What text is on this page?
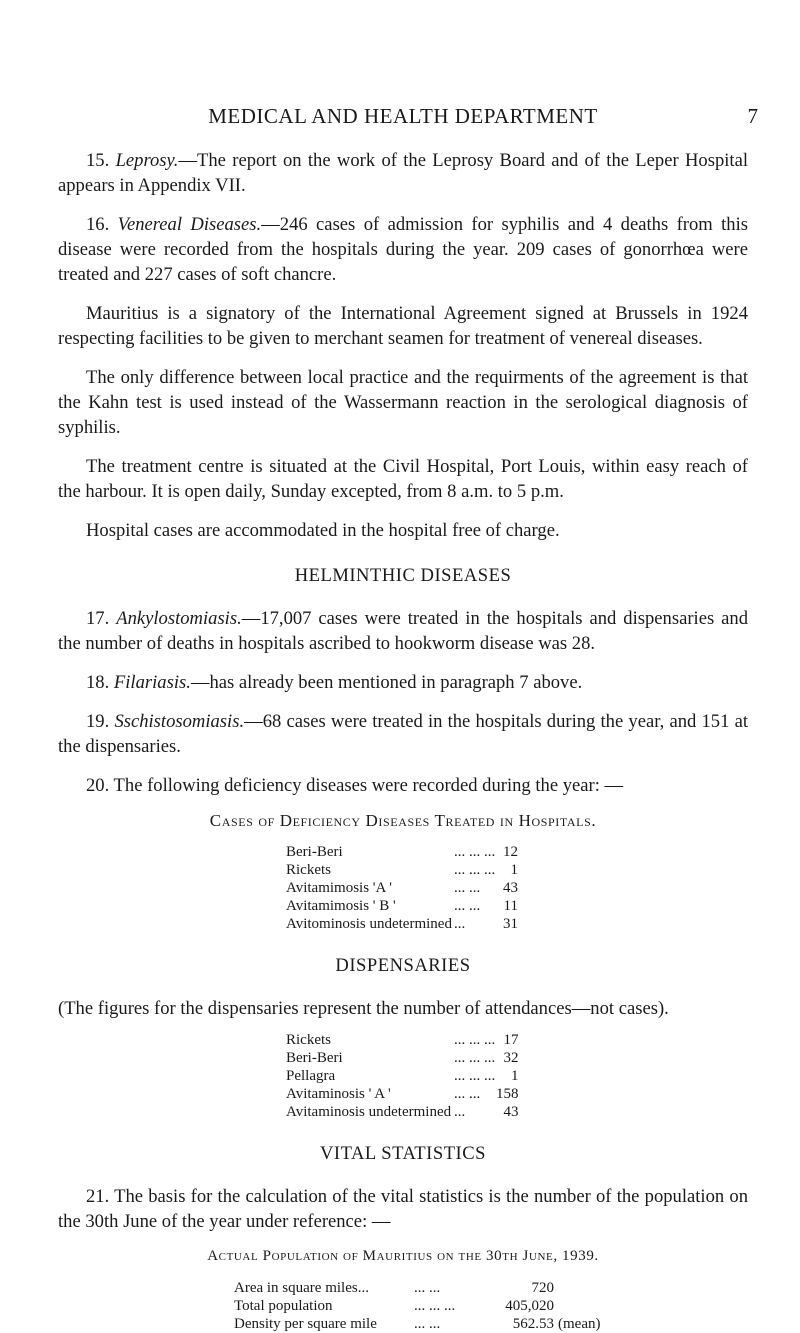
MEDICAL AND HEALTH DEPARTMENT	7

15. Leprosy.—The report on the work of the Leprosy Board and of the Leper Hospital appears in Appendix VII.

16. Venereal Diseases.—246 cases of admission for syphilis and 4 deaths from this disease were recorded from the hospitals during the year. 209 cases of gonorrhœa were treated and 227 cases of soft chancre.

Mauritius is a signatory of the International Agreement signed at Brussels in 1924 respecting facilities to be given to merchant seamen for treatment of venereal diseases.

The only difference between local practice and the requirments of the agreement is that the Kahn test is used instead of the Wassermann reaction in the serological diagnosis of syphilis.

The treatment centre is situated at the Civil Hospital, Port Louis, within easy reach of the harbour. It is open daily, Sunday excepted, from 8 a.m. to 5 p.m.

Hospital cases are accommodated in the hospital free of charge.

HELMINTHIC DISEASES

17. Ankylostomiasis.—17,007 cases were treated in the hospitals and dispensaries and the number of deaths in hospitals ascribed to hookworm disease was 28.

18. Filariasis.—has already been mentioned in paragraph 7 above.

19. Sschistosomiasis.—68 cases were treated in the hospitals during the year, and 151 at the dispensaries.

20. The following deficiency diseases were recorded during the year: —

Cases of Deficiency Diseases Treated in Hospitals.
Beri-Beri	... ... ...	12
Rickets	... ... ...	1
Avitamimosis 'A '	... ...	43
Avitamimosis ' B '	... ...	11
Avitominosis undetermined	...	31
DISPENSARIES

(The figures for the dispensaries represent the number of attendances—not cases).

Rickets	... ... ...	17
Beri-Beri	... ... ...	32
Pellagra	... ... ...	1
Avitaminosis ' A '	... ...	158
Avitaminosis undetermined	...	43
VITAL STATISTICS

21. The basis for the calculation of the vital statistics is the number of the population on the 30th June of the year under reference: —

Actual Population of Mauritius on the 30th June, 1939.
Area in square miles...	... ...	720	
Total population	... ... ...	405,020	
Density per square mile	... ...	562.53	(mean)
